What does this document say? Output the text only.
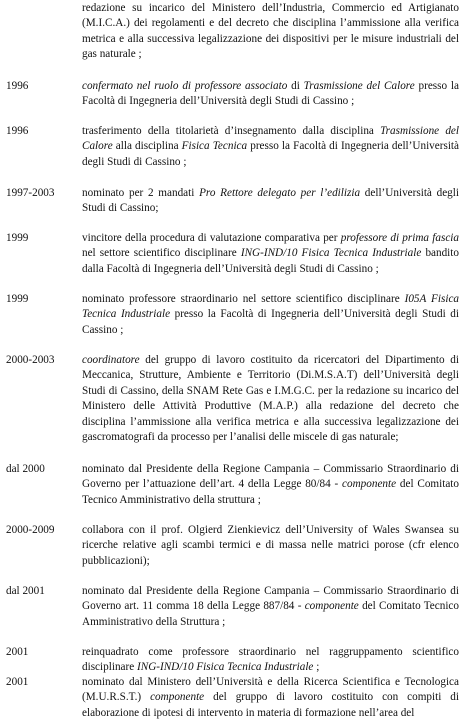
redazione su incarico del Ministero dell’Industria, Commercio ed Artigianato (M.I.C.A.) dei regolamenti e del decreto che disciplina l’ammissione alla verifica metrica e alla successiva legalizzazione dei dispositivi per le misure industriali del gas naturale ;
1996	confermato nel ruolo di professore associato di Trasmissione del Calore presso la Facoltà di Ingegneria dell’Università degli Studi di Cassino ;
1996	trasferimento della titolarietà d’insegnamento dalla disciplina Trasmissione del Calore alla disciplina Fisica Tecnica presso la Facoltà di Ingegneria dell’Università degli Studi di Cassino ;
1997-2003	nominato per 2 mandati Pro Rettore delegato per l’edilizia dell’Università degli Studi di Cassino;
1999	vincitore della procedura di valutazione comparativa per professore di prima fascia nel settore scientifico disciplinare ING-IND/10 Fisica Tecnica Industriale bandito dalla Facoltà di Ingegneria dell’Università degli Studi di Cassino ;
1999	nominato professore straordinario nel settore scientifico disciplinare I05A Fisica Tecnica Industriale presso la Facoltà di Ingegneria dell’Università degli Studi di Cassino ;
2000-2003	coordinatore del gruppo di lavoro costituito da ricercatori del Dipartimento di Meccanica, Strutture, Ambiente e Territorio (Di.M.S.A.T) dell’Università degli Studi di Cassino, della SNAM Rete Gas e I.M.G.C. per la redazione su incarico del Ministero delle Attività Produttive (M.A.P.) alla redazione del decreto che disciplina l’ammissione alla verifica metrica e alla successiva legalizzazione dei gascromatografi da processo per l’analisi delle miscele di gas naturale;
dal 2000	nominato dal Presidente della Regione Campania – Commissario Straordinario di Governo per l’attuazione dell’art. 4 della Legge 80/84 - componente del Comitato Tecnico Amministrativo della struttura ;
2000-2009	collabora con il prof. Olgierd Zienkievicz dell’University of Wales Swansea su ricerche relative agli scambi termici e di massa nelle matrici porose (cfr elenco pubblicazioni);
dal 2001	nominato dal Presidente della Regione Campania – Commissario Straordinario di Governo art. 11 comma 18 della Legge 887/84 - componente del Comitato Tecnico Amministrativo della Struttura ;
2001	reinquadrato come professore straordinario nel raggruppamento scientifico disciplinare ING-IND/10 Fisica Tecnica Industriale ;
2001	nominato dal Ministero dell’Università e della Ricerca Scientifica e Tecnologica (M.U.R.S.T.) componente del gruppo di lavoro costituito con compiti di elaborazione di ipotesi di intervento in materia di formazione nell’area del
